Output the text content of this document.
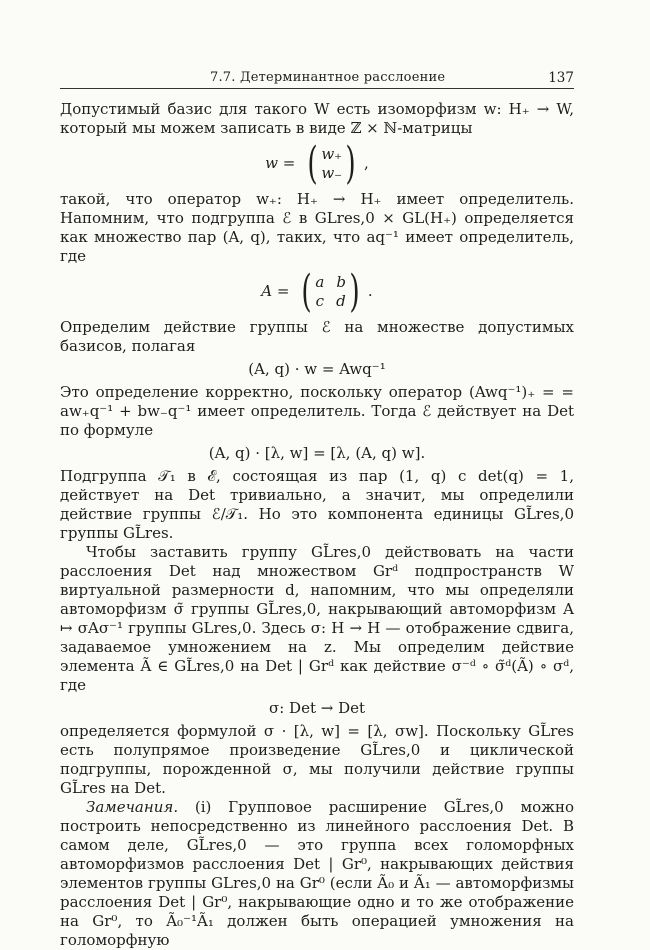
7.7. Детерминантное расслоение	137

Допустимый базис для такого W есть изоморфизм w: H₊ → W, который мы можем записать в виде ℤ × ℕ-матрицы

w = ( w₊
w₋ ) ,

такой, что оператор w₊: H₊ → H₊ имеет определитель. Напомним, что подгруппа ℰ в GLres,0 × GL(H₊) определяется как множество пар (A, q), таких, что aq⁻¹ имеет определитель, где

A = ( a b
c d ) .

Определим действие группы ℰ на множестве допустимых базисов, полагая

(A, q) · w = Awq⁻¹

Это определение корректно, поскольку оператор (Awq⁻¹)₊ = = aw₊q⁻¹ + bw₋q⁻¹ имеет определитель. Тогда ℰ действует на Det по формуле

(A, q) · [λ, w] = [λ, (A, q) w].

Подгруппа 𝒯₁ в ℰ, состоящая из пар (1, q) с det(q) = 1, действует на Det тривиально, а значит, мы определили действие группы ℰ/𝒯₁. Но это компонента единицы GL̃res,0 группы GL̃res.

Чтобы заставить группу GL̃res,0 действовать на части расслоения Det над множеством Grᵈ подпространств W виртуальной размерности d, напомним, что мы определяли автоморфизм σ̃ группы GL̃res,0, накрывающий автоморфизм A ↦ σAσ⁻¹ группы GLres,0. Здесь σ: H → H — отображение сдвига, задаваемое умножением на z. Мы определим действие элемента Ã ∈ GL̃res,0 на Det | Grᵈ как действие σ⁻ᵈ ∘ σ̃ᵈ(Ã) ∘ σᵈ, где

σ: Det → Det

определяется формулой σ · [λ, w] = [λ, σw]. Поскольку GL̃res есть полупрямое произведение GL̃res,0 и циклической подгруппы, порожденной σ, мы получили действие группы GL̃res на Det.

Замечания. (i) Групповое расширение GL̃res,0 можно построить непосредственно из линейного расслоения Det. В самом деле, GL̃res,0 — это группа всех голоморфных автоморфизмов расслоения Det | Gr⁰, накрывающих действия элементов группы GLres,0 на Gr⁰ (если Ã₀ и Ã₁ — автоморфизмы расслоения Det | Gr⁰, накрывающие одно и то же отображение на Gr⁰, то Ã₀⁻¹Ã₁ должен быть операцией умножения на голоморфную
